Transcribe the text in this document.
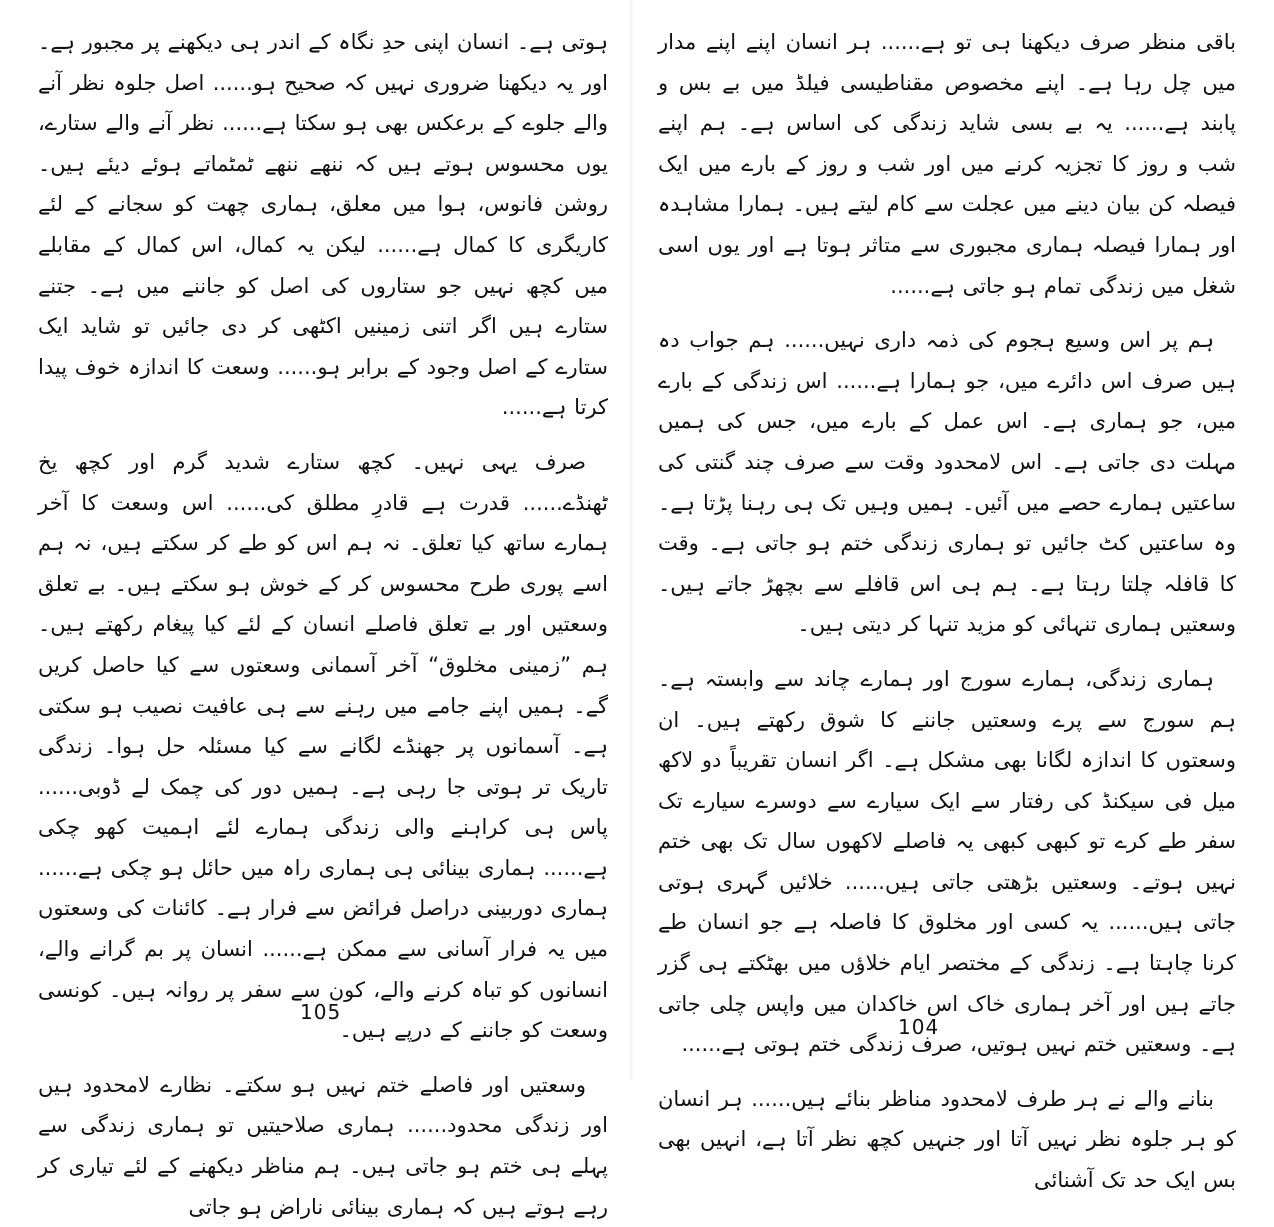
ہوتی ہے۔ انسان اپنی حدِ نگاہ کے اندر ہی دیکھنے پر مجبور ہے۔ اور یہ دیکھنا ضروری نہیں کہ صحیح ہو...... اصل جلوہ نظر آنے والے جلوے کے برعکس بھی ہو سکتا ہے...... نظر آنے والے ستارے، یوں محسوس ہوتے ہیں کہ ننھے ننھے ٹمٹماتے ہوئے دیئے ہیں۔ روشن فانوس، ہوا میں معلق، ہماری چھت کو سجانے کے لئے کاریگری کا کمال ہے...... لیکن یہ کمال، اس کمال کے مقابلے میں کچھ نہیں جو ستاروں کی اصل کو جاننے میں ہے۔ جتنے ستارے ہیں اگر اتنی زمینیں اکٹھی کر دی جائیں تو شاید ایک ستارے کے اصل وجود کے برابر ہو...... وسعت کا اندازہ خوف پیدا کرتا ہے......

صرف یہی نہیں۔ کچھ ستارے شدید گرم اور کچھ یخ ٹھنڈے...... قدرت ہے قادرِ مطلق کی...... اس وسعت کا آخر ہمارے ساتھ کیا تعلق۔ نہ ہم اس کو طے کر سکتے ہیں، نہ ہم اسے پوری طرح محسوس کر کے خوش ہو سکتے ہیں۔ بے تعلق وسعتیں اور بے تعلق فاصلے انسان کے لئے کیا پیغام رکھتے ہیں۔ ہم ”زمینی مخلوق“ آخر آسمانی وسعتوں سے کیا حاصل کریں گے۔ ہمیں اپنے جامے میں رہنے سے ہی عافیت نصیب ہو سکتی ہے۔ آسمانوں پر جھنڈے لگانے سے کیا مسئلہ حل ہوا۔ زندگی تاریک تر ہوتی جا رہی ہے۔ ہمیں دور کی چمک لے ڈوبی...... پاس ہی کراہنے والی زندگی ہمارے لئے اہمیت کھو چکی ہے...... ہماری بینائی ہی ہماری راہ میں حائل ہو چکی ہے...... ہماری دوربینی دراصل فرائض سے فرار ہے۔ کائنات کی وسعتوں میں یہ فرار آسانی سے ممکن ہے...... انسان پر بم گرانے والے، انسانوں کو تباہ کرنے والے، کون سے سفر پر روانہ ہیں۔ کونسی وسعت کو جاننے کے درپے ہیں۔

وسعتیں اور فاصلے ختم نہیں ہو سکتے۔ نظارے لامحدود ہیں اور زندگی محدود...... ہماری صلاحیتیں تو ہماری زندگی سے پہلے ہی ختم ہو جاتی ہیں۔ ہم مناظر دیکھنے کے لئے تیاری کر رہے ہوتے ہیں کہ ہماری بینائی ناراض ہو جاتی

باقی منظر صرف دیکھنا ہی تو ہے...... ہر انسان اپنے اپنے مدار میں چل رہا ہے۔ اپنے مخصوص مقناطیسی فیلڈ میں بے بس و پابند ہے...... یہ بے بسی شاید زندگی کی اساس ہے۔ ہم اپنے شب و روز کا تجزیہ کرنے میں اور شب و روز کے بارے میں ایک فیصلہ کن بیان دینے میں عجلت سے کام لیتے ہیں۔ ہمارا مشاہدہ اور ہمارا فیصلہ ہماری مجبوری سے متاثر ہوتا ہے اور یوں اسی شغل میں زندگی تمام ہو جاتی ہے......

ہم پر اس وسیع ہجوم کی ذمہ داری نہیں...... ہم جواب دہ ہیں صرف اس دائرے میں، جو ہمارا ہے...... اس زندگی کے بارے میں، جو ہماری ہے۔ اس عمل کے بارے میں، جس کی ہمیں مہلت دی جاتی ہے۔ اس لامحدود وقت سے صرف چند گنتی کی ساعتیں ہمارے حصے میں آئیں۔ ہمیں وہیں تک ہی رہنا پڑتا ہے۔ وہ ساعتیں کٹ جائیں تو ہماری زندگی ختم ہو جاتی ہے۔ وقت کا قافلہ چلتا رہتا ہے۔ ہم ہی اس قافلے سے بچھڑ جاتے ہیں۔ وسعتیں ہماری تنہائی کو مزید تنہا کر دیتی ہیں۔

ہماری زندگی، ہمارے سورج اور ہمارے چاند سے وابستہ ہے۔ ہم سورج سے پرے وسعتیں جاننے کا شوق رکھتے ہیں۔ ان وسعتوں کا اندازہ لگانا بھی مشکل ہے۔ اگر انسان تقریباً دو لاکھ میل فی سیکنڈ کی رفتار سے ایک سیارے سے دوسرے سیارے تک سفر طے کرے تو کبھی کبھی یہ فاصلے لاکھوں سال تک بھی ختم نہیں ہوتے۔ وسعتیں بڑھتی جاتی ہیں...... خلائیں گہری ہوتی جاتی ہیں...... یہ کسی اور مخلوق کا فاصلہ ہے جو انسان طے کرنا چاہتا ہے۔ زندگی کے مختصر ایام خلاؤں میں بھٹکتے ہی گزر جاتے ہیں اور آخر ہماری خاک اس خاکدان میں واپس چلی جاتی ہے۔ وسعتیں ختم نہیں ہوتیں، صرف زندگی ختم ہوتی ہے......

بنانے والے نے ہر طرف لامحدود مناظر بنائے ہیں...... ہر انسان کو ہر جلوہ نظر نہیں آتا اور جنہیں کچھ نظر آتا ہے، انہیں بھی بس ایک حد تک آشنائی

105
104
